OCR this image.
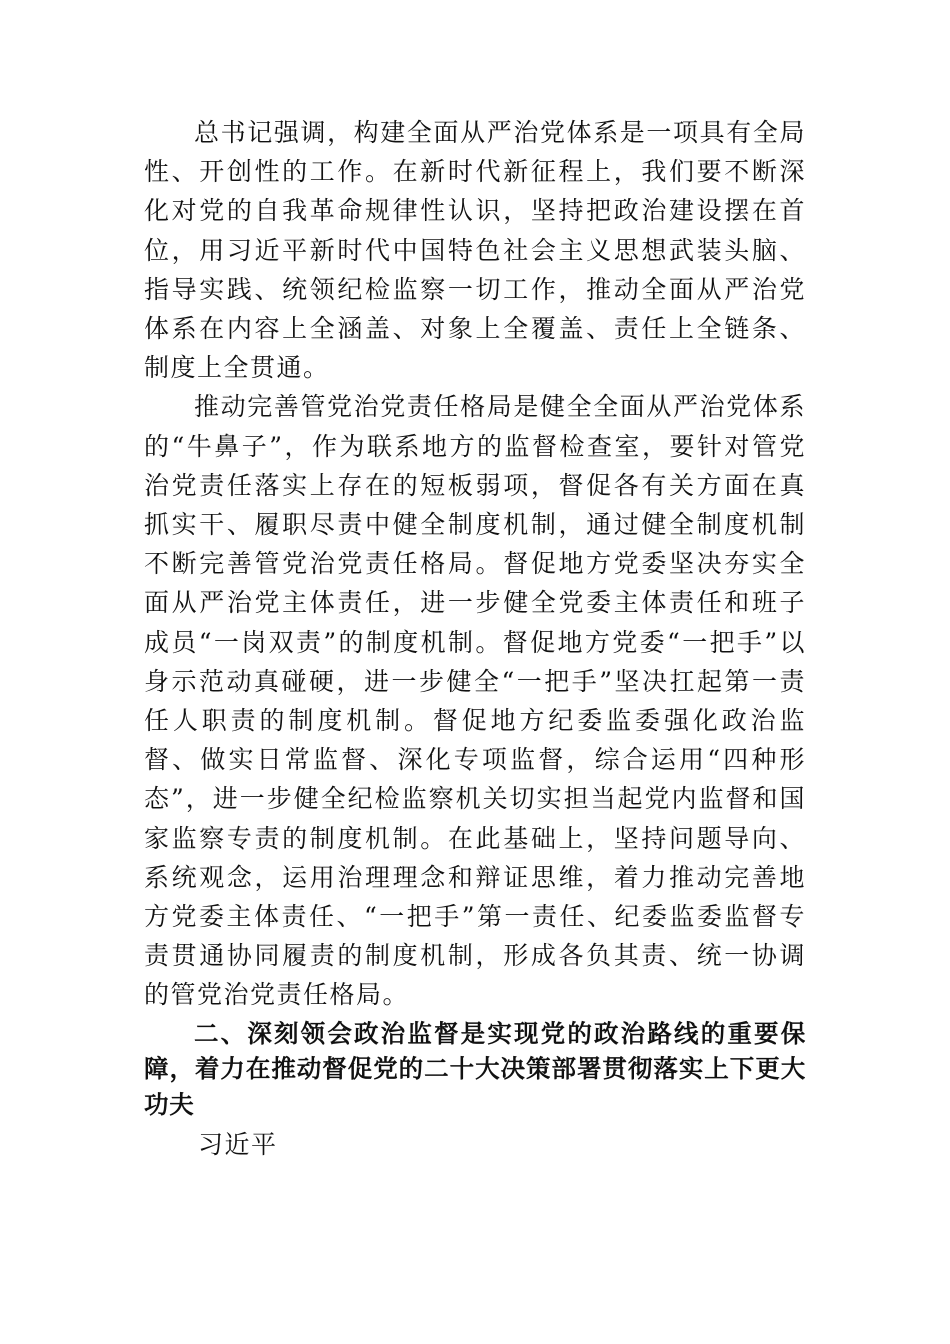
总书记强调，构建全面从严治党体系是一项具有全局性、开创性的工作。在新时代新征程上，我们要不断深化对党的自我革命规律性认识，坚持把政治建设摆在首位，用习近平新时代中国特色社会主义思想武装头脑、指导实践、统领纪检监察一切工作，推动全面从严治党体系在内容上全涵盖、对象上全覆盖、责任上全链条、制度上全贯通。

推动完善管党治党责任格局是健全全面从严治党体系的“牛鼻子”，作为联系地方的监督检查室，要针对管党治党责任落实上存在的短板弱项，督促各有关方面在真抓实干、履职尽责中健全制度机制，通过健全制度机制不断完善管党治党责任格局。督促地方党委坚决夯实全面从严治党主体责任，进一步健全党委主体责任和班子成员“一岗双责”的制度机制。督促地方党委“一把手”以身示范动真碰硬，进一步健全“一把手”坚决扛起第一责任人职责的制度机制。督促地方纪委监委强化政治监督、做实日常监督、深化专项监督，综合运用“四种形态”，进一步健全纪检监察机关切实担当起党内监督和国家监察专责的制度机制。在此基础上，坚持问题导向、系统观念，运用治理理念和辩证思维，着力推动完善地方党委主体责任、“一把手”第一责任、纪委监委监督专责贯通协同履责的制度机制，形成各负其责、统一协调的管党治党责任格局。

二、深刻领会政治监督是实现党的政治路线的重要保障，着力在推动督促党的二十大决策部署贯彻落实上下更大功夫

习近平
